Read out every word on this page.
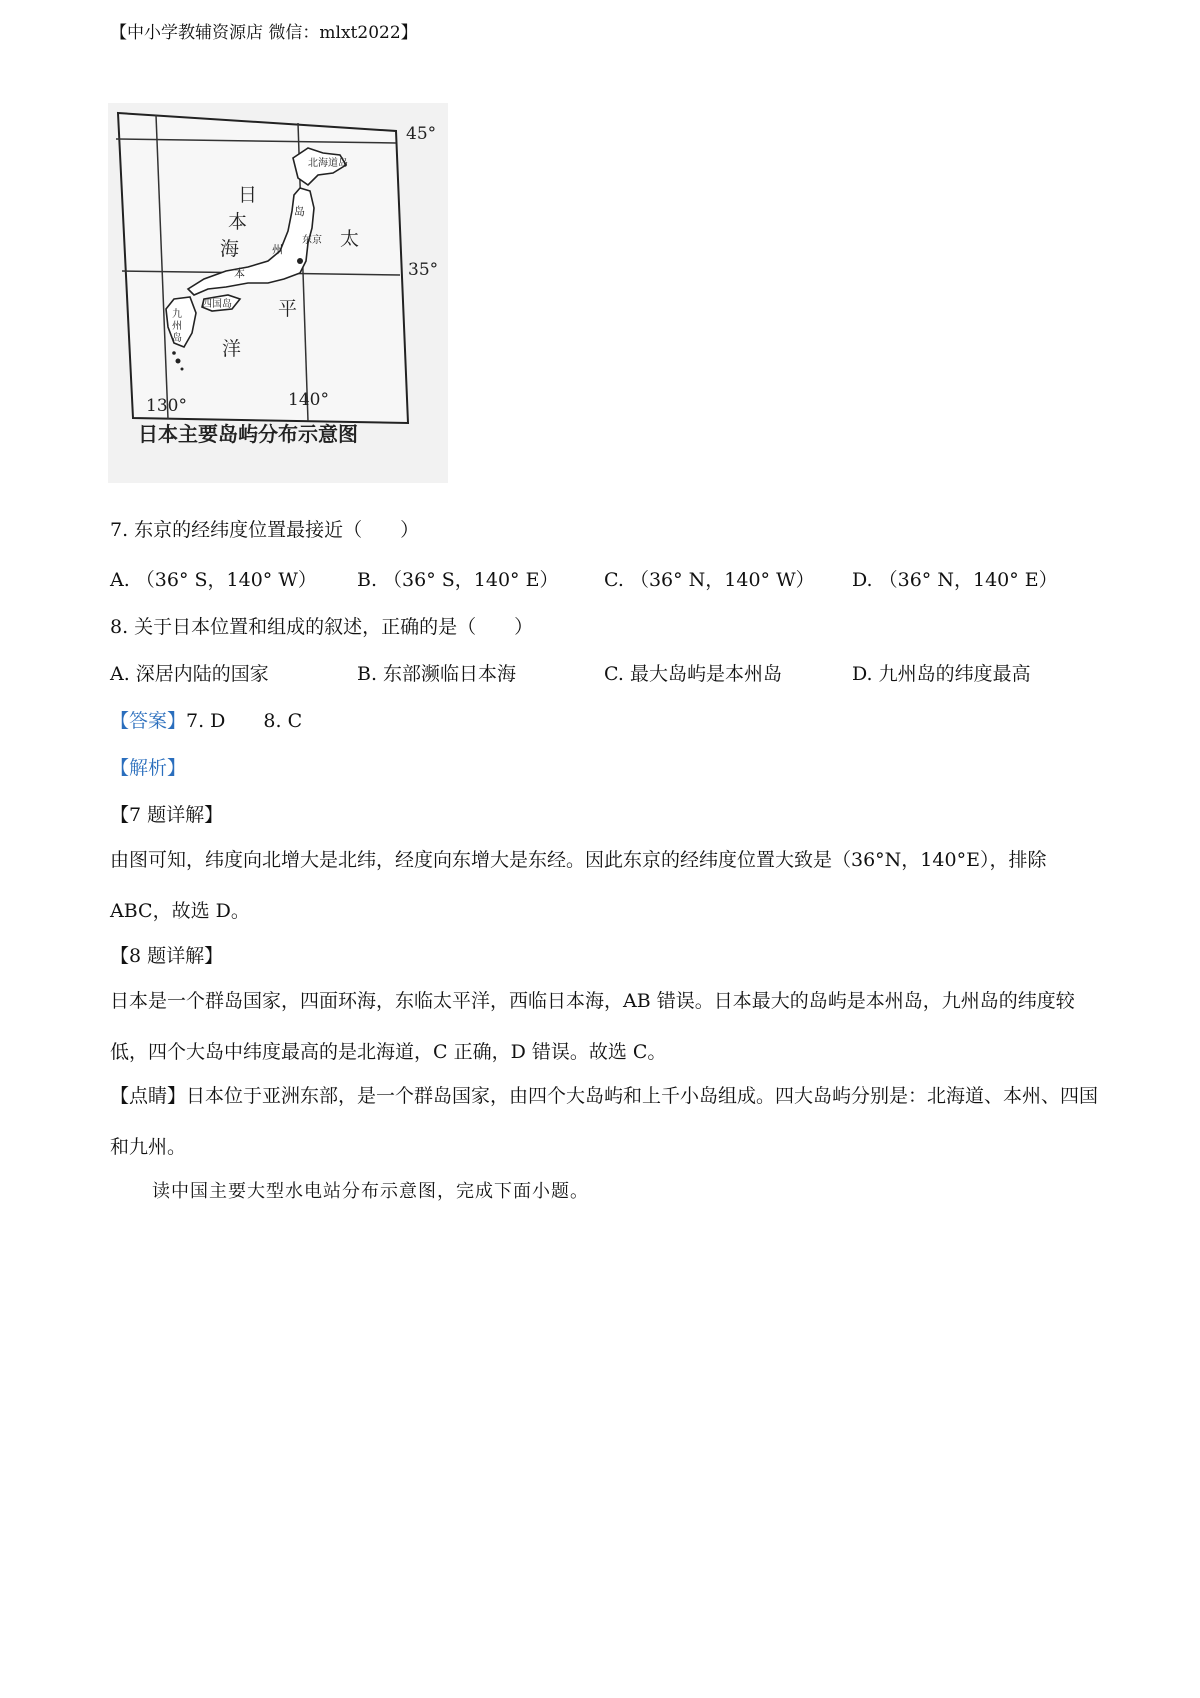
【中小学教辅资源店 微信：mlxt2022】
45°
35°
130°	140°
北海道岛
岛
州
本
四国岛
九
州
岛
东京
日
本
海	太
平
洋
日本主要岛屿分布示意图
7. 东京的经纬度位置最接近（　　）
A. （36° S，140° W） B. （36° S，140° E） C. （36° N，140° W） D. （36° N，140° E）
8. 关于日本位置和组成的叙述，正确的是（　　）
A. 深居内陆的国家	B. 东部濒临日本海	C. 最大岛屿是本州岛	D. 九州岛的纬度最高
【答案】7. D 8. C
【解析】
【7 题详解】
由图可知，纬度向北增大是北纬，经度向东增大是东经。因此东京的经纬度位置大致是（36°N，140°E），排除 ABC，故选 D。
【8 题详解】
日本是一个群岛国家，四面环海，东临太平洋，西临日本海，AB 错误。日本最大的岛屿是本州岛，九州岛的纬度较低，四个大岛中纬度最高的是北海道，C 正确，D 错误。故选 C。
【点睛】日本位于亚洲东部，是一个群岛国家，由四个大岛屿和上千小岛组成。四大岛屿分别是：北海道、本州、四国和九州。
读中国主要大型水电站分布示意图，完成下面小题。
